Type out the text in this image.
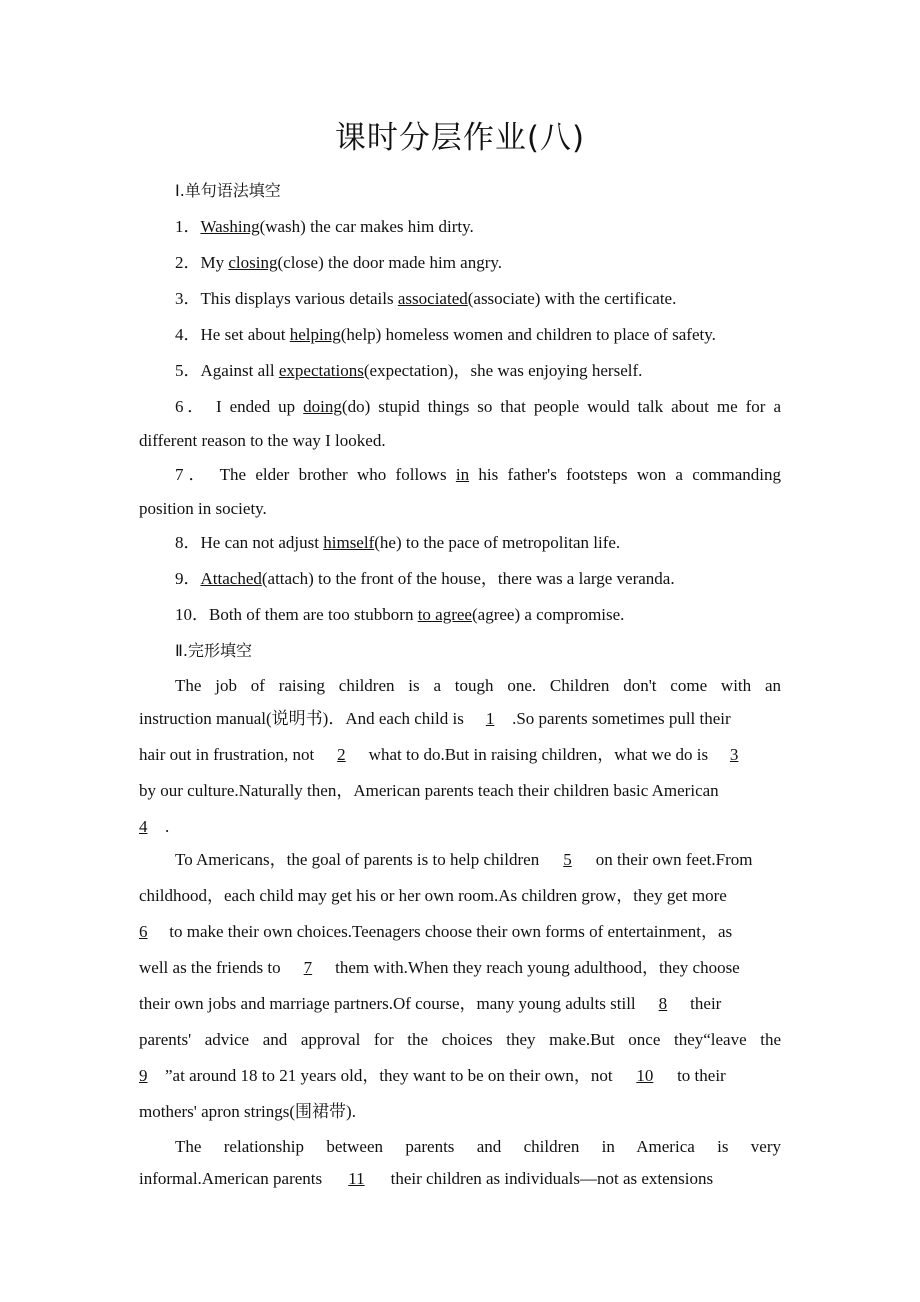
课时分层作业(八)
Ⅰ.单句语法填空
1．Washing(wash) the car makes him dirty.
2．My closing(close) the door made him angry.
3．This displays various details associated(associate) with the certificate.
4．He set about helping(help) homeless women and children to place of safety.
5．Against all expectations(expectation)，she was enjoying herself.
6． I ended up doing(do) stupid things so that people would talk about me for a
different reason to the way I looked.
7． The elder brother who follows in his father's footsteps won a commanding
position in society.
8．He can not adjust himself(he) to the pace of metropolitan life.
9．Attached(attach) to the front of the house，there was a large veranda.
10．Both of them are too stubborn to agree(agree) a compromise.
Ⅱ.完形填空
The job of raising children is a tough one. Children don't come with an
instruction manual(说明书)．And each child is 1 .So parents sometimes pull their
hair out in frustration, not 2 what to do.But in raising children，what we do is 3
by our culture.Naturally then，American parents teach their children basic American
4 .
To Americans，the goal of parents is to help children 5 on their own feet.From
childhood，each child may get his or her own room.As children grow，they get more
6 to make their own choices.Teenagers choose their own forms of entertainment，as
well as the friends to 7 them with.When they reach young adulthood，they choose
their own jobs and marriage partners.Of course，many young adults still 8 their
parents' advice and approval for the choices they make.But once they“leave the
9 ”at around 18 to 21 years old，they want to be on their own，not 10 to their
mothers' apron strings(围裙带).
The relationship between parents and children in America is very
informal.American parents 11 their children as individuals—not as extensions
